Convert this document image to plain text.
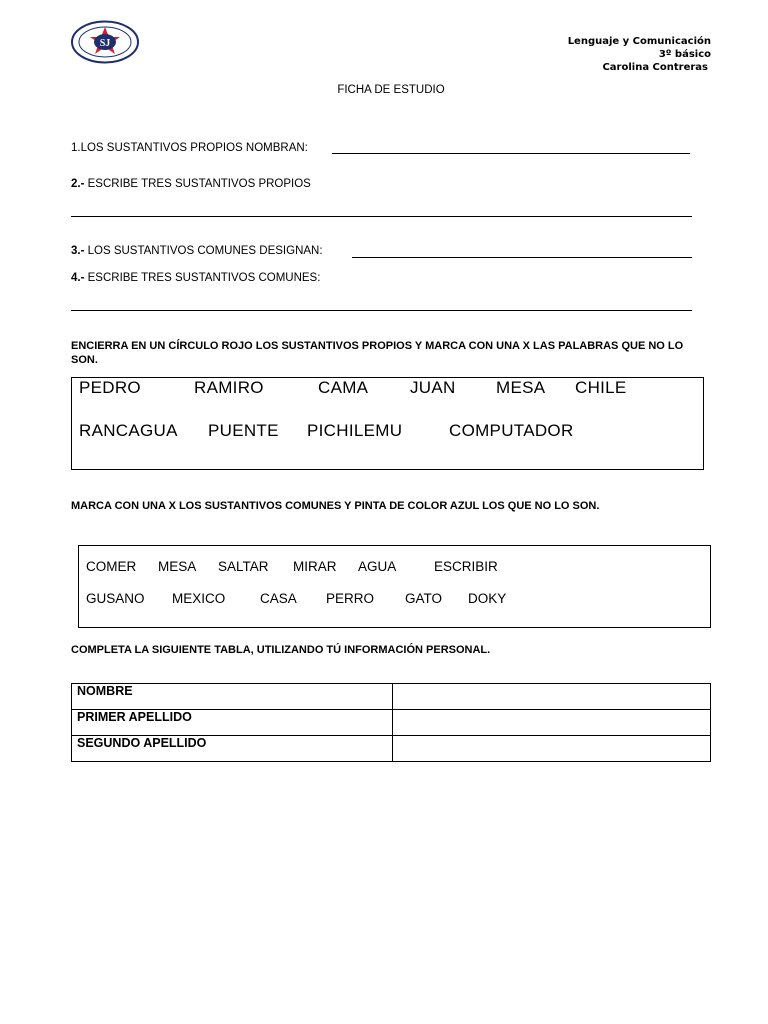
SJ	Lenguaje y Comunicación
3º básico
Carolina Contreras
FICHA DE ESTUDIO
1.LOS SUSTANTIVOS PROPIOS NOMBRAN:
2.- ESCRIBE TRES SUSTANTIVOS PROPIOS
3.- LOS SUSTANTIVOS COMUNES DESIGNAN:
4.- ESCRIBE TRES SUSTANTIVOS COMUNES:
ENCIERRA EN UN CÍRCULO ROJO LOS SUSTANTIVOS PROPIOS Y MARCA CON UNA X LAS PALABRAS QUE NO LO SON.
PEDRO	RAMIRO	CAMA JUAN MESA CHILE
RANCAGUA PUENTE PICHILEMU	COMPUTADOR
MARCA CON UNA X LOS SUSTANTIVOS COMUNES Y PINTA DE COLOR AZUL LOS QUE NO LO SON.
COMER MESA SALTAR MIRAR AGUA	ESCRIBIR
GUSANO MEXICO	CASA PERRO GATO DOKY
COMPLETA LA SIGUIENTE TABLA, UTILIZANDO TÚ INFORMACIÓN PERSONAL.
NOMBRE	
PRIMER APELLIDO	
SEGUNDO APELLIDO	
